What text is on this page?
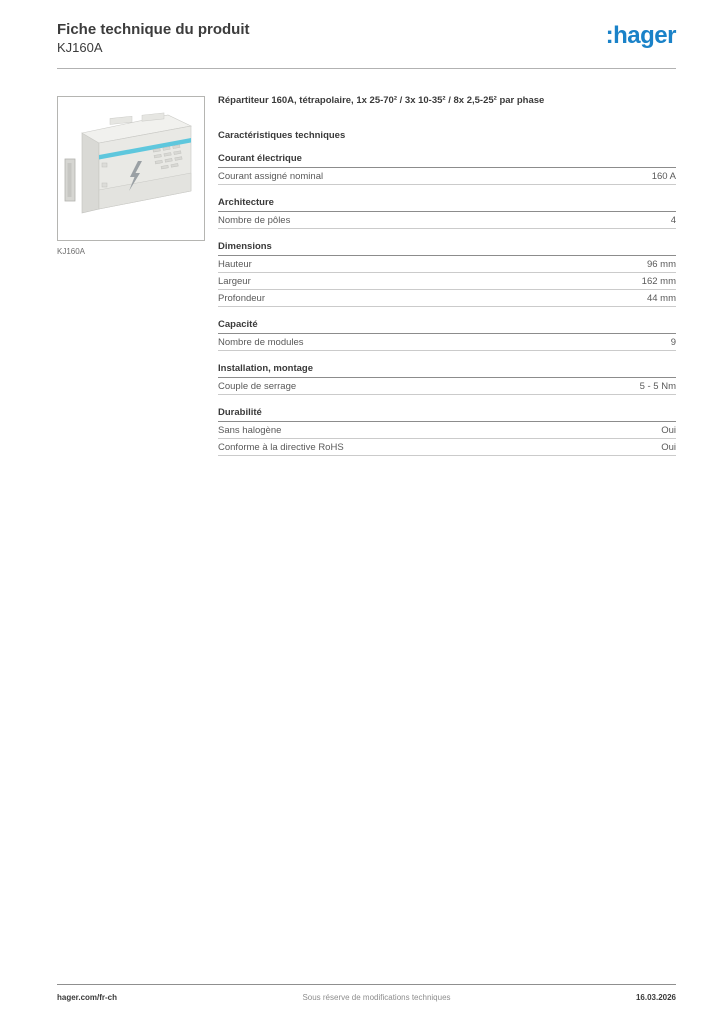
Fiche technique du produit
KJ160A	:hager
KJ160A
Répartiteur 160A, tétrapolaire, 1x 25-70² / 3x 10-35² / 8x 2,5-25² par phase
Caractéristiques techniques
Courant électrique
Courant assigné nominal	160 A
Architecture
Nombre de pôles	4
Dimensions
Hauteur	96 mm
Largeur	162 mm
Profondeur	44 mm
Capacité
Nombre de modules	9
Installation, montage
Couple de serrage	5 - 5 Nm
Durabilité
Sans halogène	Oui
Conforme à la directive RoHS	Oui
hager.com/fr-ch	Sous réserve de modifications techniques	16.03.2026
